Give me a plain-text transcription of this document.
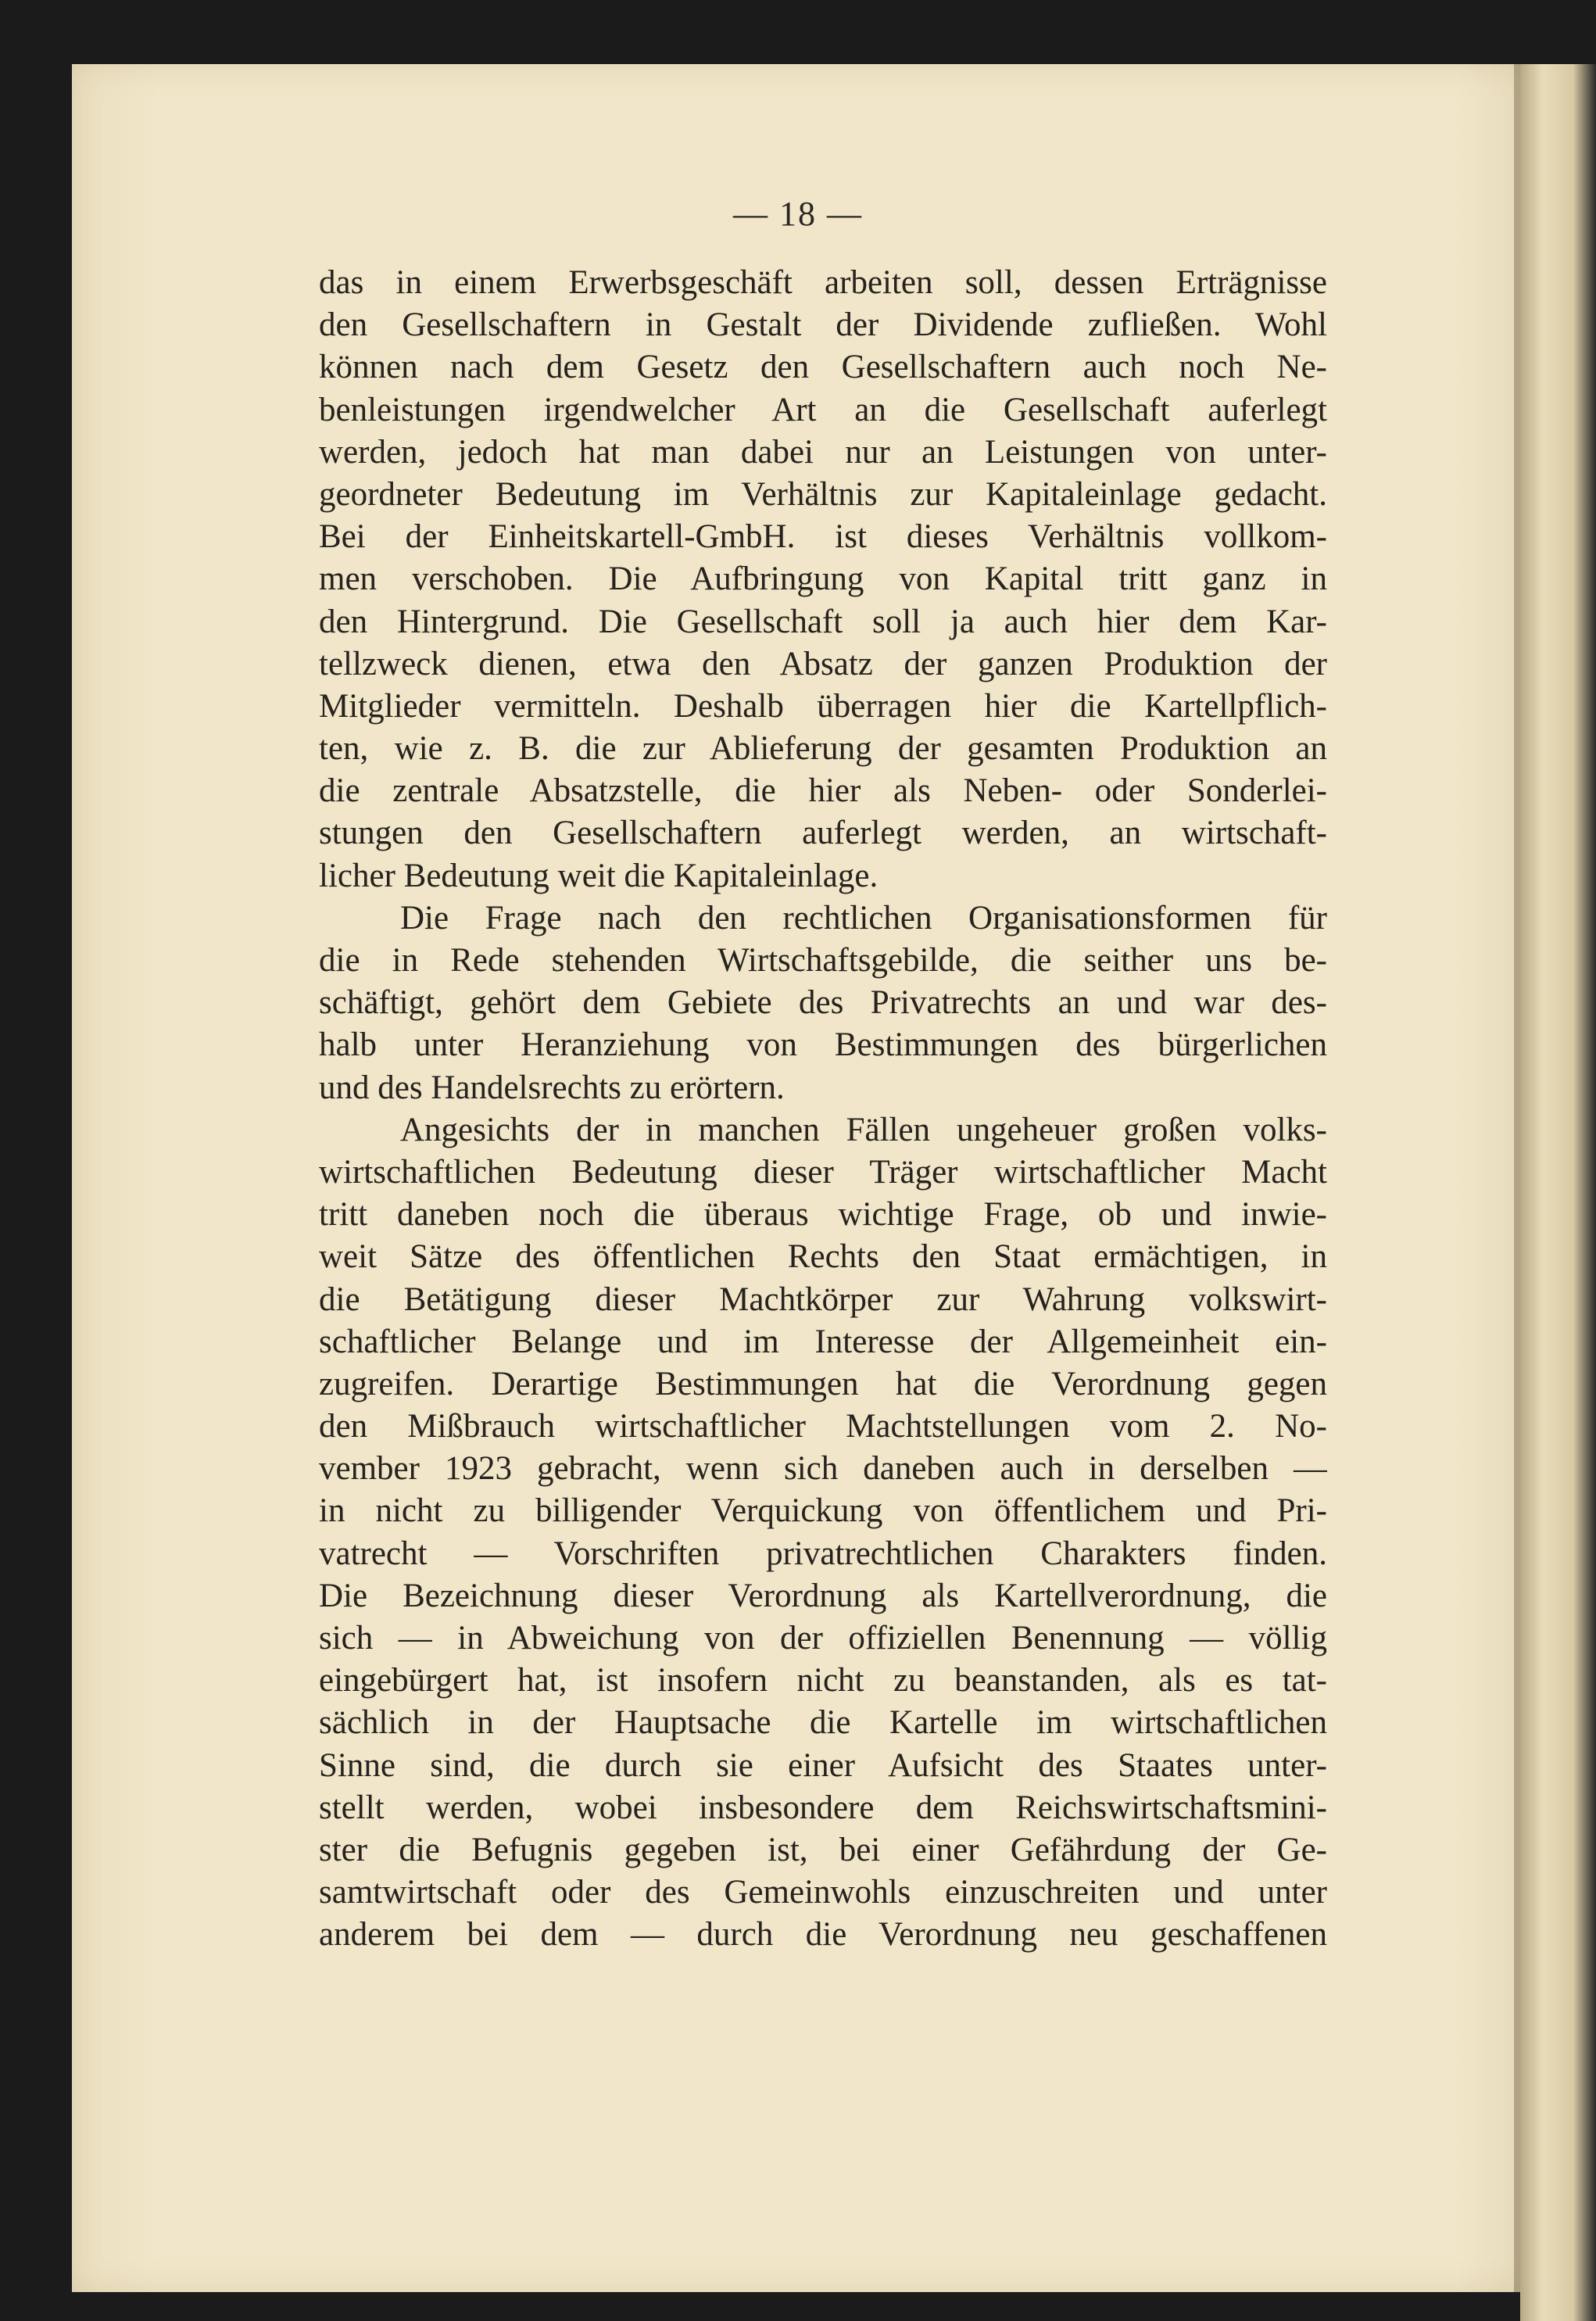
— 18 —
das in einem Erwerbsgeschäft arbeiten soll, dessen Erträgnisse
den Gesellschaftern in Gestalt der Dividende zufließen. Wohl
können nach dem Gesetz den Gesellschaftern auch noch Ne-
benleistungen irgendwelcher Art an die Gesellschaft auferlegt
werden, jedoch hat man dabei nur an Leistungen von unter-
geordneter Bedeutung im Verhältnis zur Kapitaleinlage gedacht.
Bei der Einheitskartell-GmbH. ist dieses Verhältnis vollkom-
men verschoben. Die Aufbringung von Kapital tritt ganz in
den Hintergrund. Die Gesellschaft soll ja auch hier dem Kar-
tellzweck dienen, etwa den Absatz der ganzen Produktion der
Mitglieder vermitteln. Deshalb überragen hier die Kartellpflich-
ten, wie z. B. die zur Ablieferung der gesamten Produktion an
die zentrale Absatzstelle, die hier als Neben- oder Sonderlei-
stungen den Gesellschaftern auferlegt werden, an wirtschaft-
licher Bedeutung weit die Kapitaleinlage.
Die Frage nach den rechtlichen Organisationsformen für
die in Rede stehenden Wirtschaftsgebilde, die seither uns be-
schäftigt, gehört dem Gebiete des Privatrechts an und war des-
halb unter Heranziehung von Bestimmungen des bürgerlichen
und des Handelsrechts zu erörtern.
Angesichts der in manchen Fällen ungeheuer großen volks-
wirtschaftlichen Bedeutung dieser Träger wirtschaftlicher Macht
tritt daneben noch die überaus wichtige Frage, ob und inwie-
weit Sätze des öffentlichen Rechts den Staat ermächtigen, in
die Betätigung dieser Machtkörper zur Wahrung volkswirt-
schaftlicher Belange und im Interesse der Allgemeinheit ein-
zugreifen. Derartige Bestimmungen hat die Verordnung gegen
den Mißbrauch wirtschaftlicher Machtstellungen vom 2. No-
vember 1923 gebracht, wenn sich daneben auch in derselben —
in nicht zu billigender Verquickung von öffentlichem und Pri-
vatrecht — Vorschriften privatrechtlichen Charakters finden.
Die Bezeichnung dieser Verordnung als Kartellverordnung, die
sich — in Abweichung von der offiziellen Benennung — völlig
eingebürgert hat, ist insofern nicht zu beanstanden, als es tat-
sächlich in der Hauptsache die Kartelle im wirtschaftlichen
Sinne sind, die durch sie einer Aufsicht des Staates unter-
stellt werden, wobei insbesondere dem Reichswirtschaftsmini-
ster die Befugnis gegeben ist, bei einer Gefährdung der Ge-
samtwirtschaft oder des Gemeinwohls einzuschreiten und unter
anderem bei dem — durch die Verordnung neu geschaffenen
